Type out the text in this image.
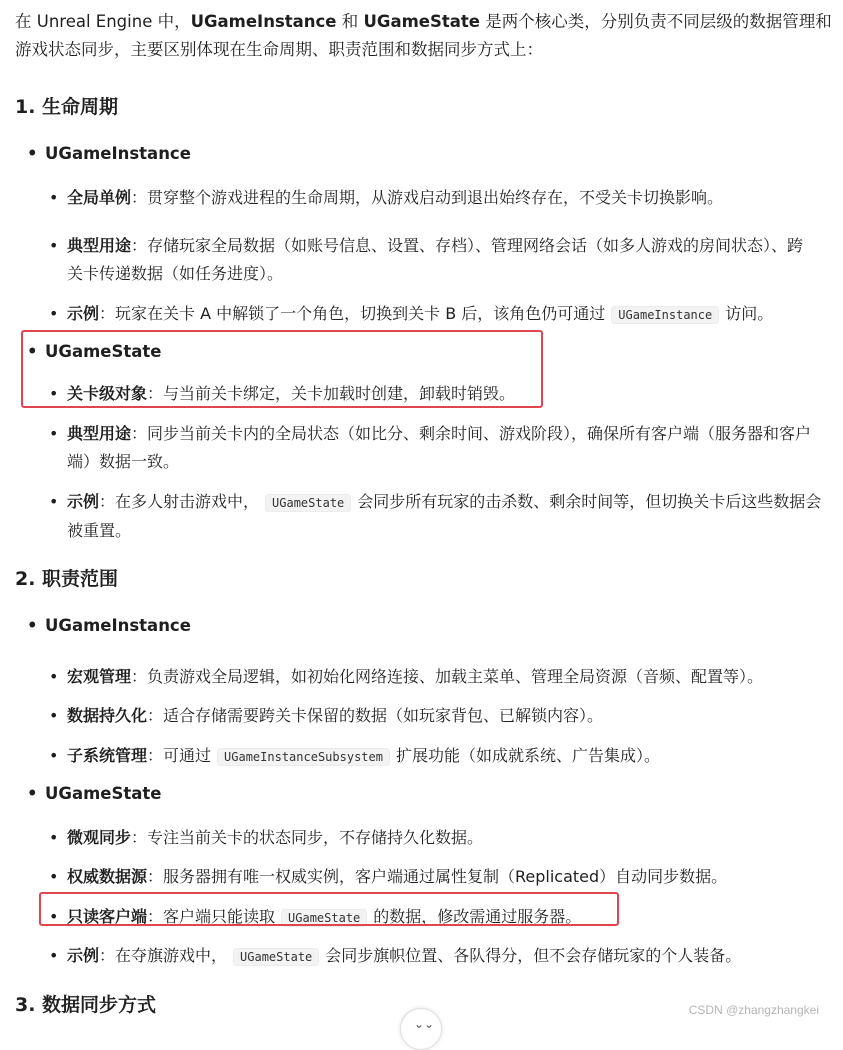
在 Unreal Engine 中，UGameInstance 和 UGameState 是两个核心类，分别负责不同层级的数据管理和游戏状态同步，主要区别体现在生命周期、职责范围和数据同步方式上：

1. 生命周期
• UGameInstance
• 全局单例：贯穿整个游戏进程的生命周期，从游戏启动到退出始终存在，不受关卡切换影响。
• 典型用途：存储玩家全局数据（如账号信息、设置、存档）、管理网络会话（如多人游戏的房间状态）、跨关卡传递数据（如任务进度）。
• 示例：玩家在关卡 A 中解锁了一个角色，切换到关卡 B 后，该角色仍可通过 UGameInstance 访问。
• UGameState
• 关卡级对象：与当前关卡绑定，关卡加载时创建，卸载时销毁。
• 典型用途：同步当前关卡内的全局状态（如比分、剩余时间、游戏阶段），确保所有客户端（服务器和客户端）数据一致。
• 示例：在多人射击游戏中， UGameState 会同步所有玩家的击杀数、剩余时间等，但切换关卡后这些数据会被重置。
2. 职责范围
• UGameInstance
• 宏观管理：负责游戏全局逻辑，如初始化网络连接、加载主菜单、管理全局资源（音频、配置等）。
• 数据持久化：适合存储需要跨关卡保留的数据（如玩家背包、已解锁内容）。
• 子系统管理：可通过 UGameInstanceSubsystem 扩展功能（如成就系统、广告集成）。
• UGameState
• 微观同步：专注当前关卡的状态同步，不存储持久化数据。
• 权威数据源：服务器拥有唯一权威实例，客户端通过属性复制（Replicated）自动同步数据。
• 只读客户端：客户端只能读取 UGameState 的数据，修改需通过服务器。
• 示例：在夺旗游戏中， UGameState 会同步旗帜位置、各队得分，但不会存储玩家的个人装备。
3. 数据同步方式	CSDN @zhangzhangkei
⌄⌄
